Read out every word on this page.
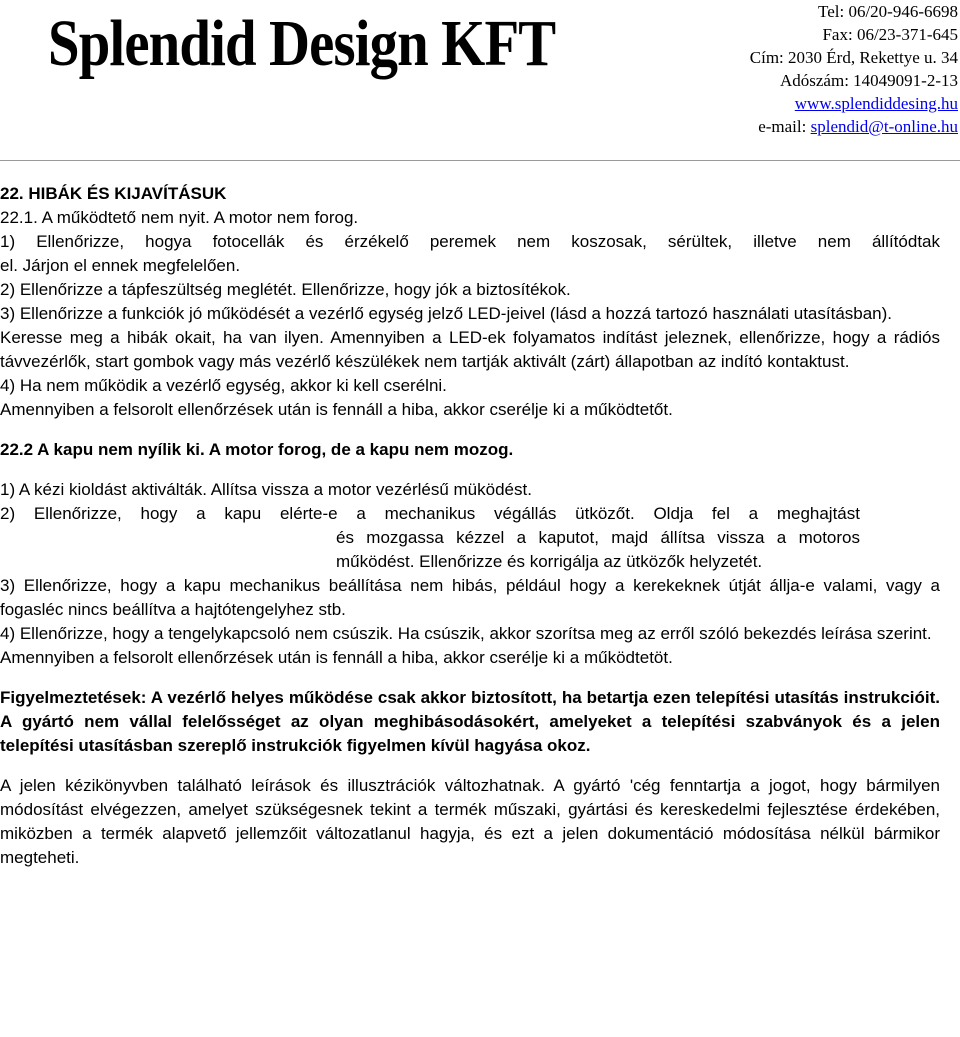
Splendid Design KFT	Tel: 06/20-946-6698
Fax: 06/23-371-645
Cím: 2030 Érd, Rekettye u. 34
Adószám: 14049091-2-13
www.splendiddesing.hu
e-mail: splendid@t-online.hu

22. HIBÁK ÉS KIJAVÍTÁSUK

22.1. A működtető nem nyit. A motor nem forog.

1) Ellenőrizze, hogya fotocellák és érzékelő peremek nem koszosak, sérültek, illetve nem állítódtak

el. Járjon el ennek megfelelően.

2) Ellenőrizze a tápfeszültség meglétét. Ellenőrizze, hogy jók a biztosítékok.

3) Ellenőrizze a funkciók jó működését a vezérlő egység jelző LED-jeivel (lásd a hozzá tartozó használati utasításban).

Keresse meg a hibák okait, ha van ilyen. Amennyiben a LED-ek folyamatos indítást jeleznek, ellenőrizze, hogy a rádiós távvezérlők, start gombok vagy más vezérlő készülékek nem tartják aktivált (zárt) állapotban az indító kontaktust.

4) Ha nem működik a vezérlő egység, akkor ki kell cserélni.

Amennyiben a felsorolt ellenőrzések után is fennáll a hiba, akkor cserélje ki a működtetőt.

22.2 A kapu nem nyílik ki. A motor forog, de a kapu nem mozog.

1) A kézi kioldást aktiválták. Allítsa vissza a motor vezérlésű müködést.

2) Ellenőrizze, hogy a kapu elérte-e a mechanikus végállás ütközőt. Oldja fel a meghajtást

és mozgassa kézzel a kaputot, majd állítsa vissza a motoros működést. Ellenőrizze és korrigálja az ütközők helyzetét.

3) Ellenőrizze, hogy a kapu mechanikus beállítása nem hibás, például hogy a kerekeknek útját állja-e valami, vagy a fogasléc nincs beállítva a hajtótengelyhez stb.

4) Ellenőrizze, hogy a tengelykapcsoló nem csúszik. Ha csúszik, akkor szorítsa meg az erről szóló bekezdés leírása szerint.

Amennyiben a felsorolt ellenőrzések után is fennáll a hiba, akkor cserélje ki a működtetöt.

Figyelmeztetések: A vezérlő helyes működése csak akkor biztosított, ha betartja ezen telepítési utasítás instrukcióit. A gyártó nem vállal felelősséget az olyan meghibásodásokért, amelyeket a telepítési szabványok és a jelen telepítési utasításban szereplő instrukciók figyelmen kívül hagyása okoz.

A jelen kézikönyvben található leírások és illusztrációk változhatnak. A gyártó 'cég fenntartja a jogot, hogy bármilyen módosítást elvégezzen, amelyet szükségesnek tekint a termék műszaki, gyártási és kereskedelmi fejlesztése érdekében, miközben a termék alapvető jellemzőit változatlanul hagyja, és ezt a jelen dokumentáció módosítása nélkül bármikor megteheti.
